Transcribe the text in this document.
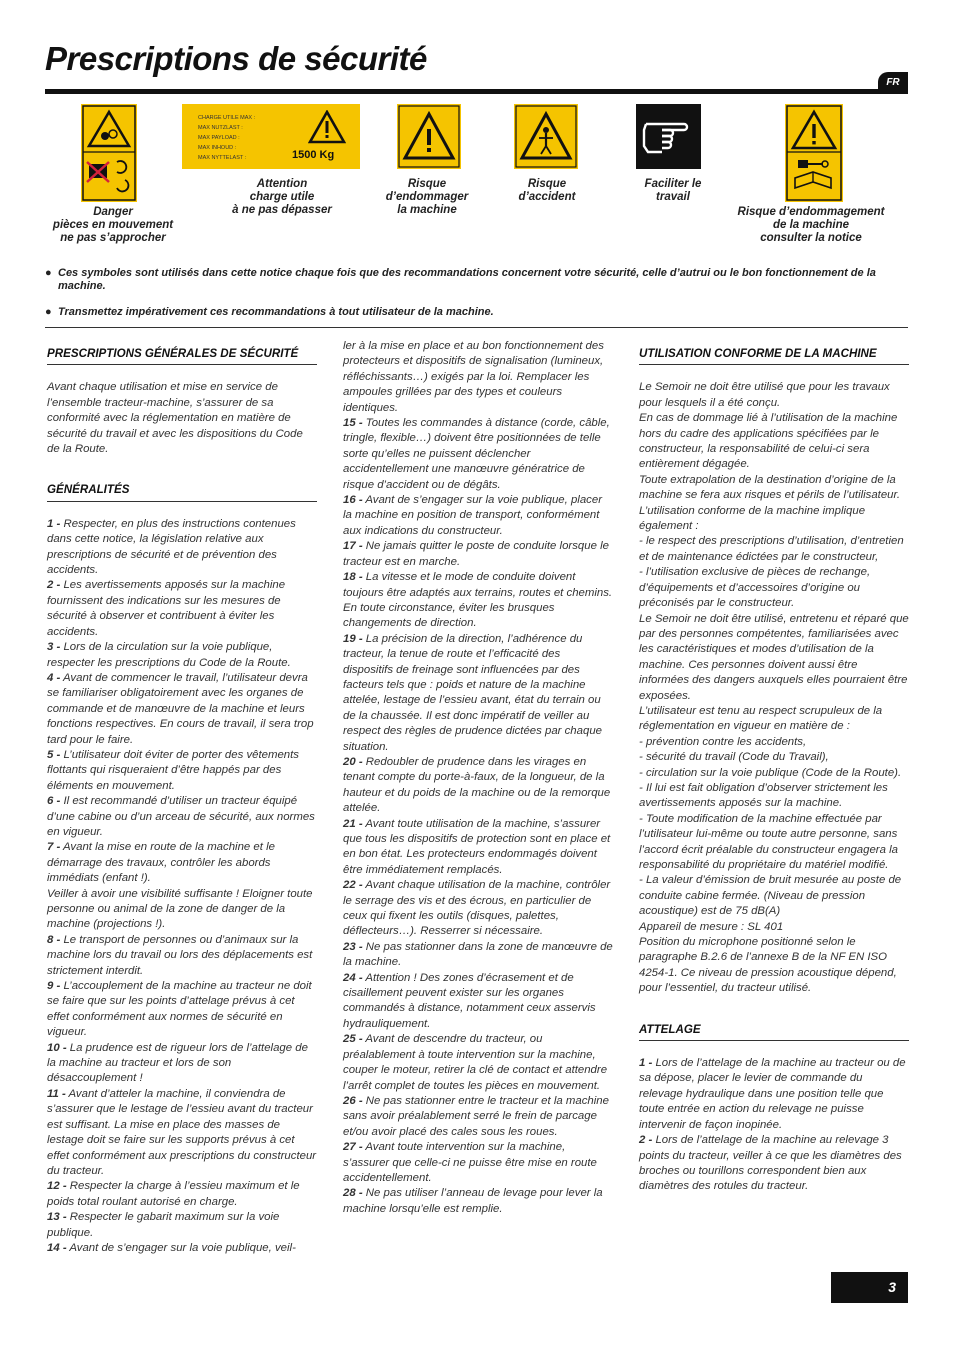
Prescriptions de sécurité
FR
Danger
pièces en mouvement
ne pas s’approcher
CHARGE UTILE MAX :
MAX NUTZLAST :
MAX PAYLOAD :
MAX INHOUD :
MAX NYTTELAST :	1500 Kg
Attention
charge utile
à ne pas dépasser
Risque
d’endommager
la machine
Risque
d’accident
Faciliter le
travail
Risque d’endommagement
de la machine
consulter la notice
● Ces symboles sont utilisés dans cette notice chaque fois que des recommandations concernent votre sécurité, celle d’autrui ou le bon fonctionnement de la machine.
● Transmettez impérativement ces recommandations à tout utilisateur de la machine.
PRESCRIPTIONS GÉNÉRALES DE SÉCURITÉ

Avant chaque utilisation et mise en service de l’ensemble tracteur-machine, s’assurer de sa conformité avec la réglementation en matière de sécurité du travail et avec les dispositions du Code de la Route.

GÉNÉRALITÉS

1 - Respecter, en plus des instructions contenues dans cette notice, la législation relative aux prescriptions de sécurité et de prévention des accidents.

2 - Les avertissements apposés sur la machine fournissent des indications sur les mesures de sécurité à observer et contribuent à éviter les accidents.

3 - Lors de la circulation sur la voie publique, respecter les prescriptions du Code de la Route.

4 - Avant de commencer le travail, l’utilisateur devra se familiariser obligatoirement avec les organes de commande et de manœuvre de la machine et leurs fonctions respectives. En cours de travail, il sera trop tard pour le faire.

5 - L’utilisateur doit éviter de porter des vêtements flottants qui risqueraient d’être happés par des éléments en mouvement.

6 - Il est recommandé d’utiliser un tracteur équipé d’une cabine ou d’un arceau de sécurité, aux normes en vigueur.

7 - Avant la mise en route de la machine et le démarrage des travaux, contrôler les abords immédiats (enfant !).
Veiller à avoir une visibilité suffisante ! Eloigner toute personne ou animal de la zone de danger de la machine (projections !).

8 - Le transport de personnes ou d’animaux sur la machine lors du travail ou lors des déplacements est strictement interdit.

9 - L’accouplement de la machine au tracteur ne doit se faire que sur les points d’attelage prévus à cet effet conformément aux normes de sécurité en vigueur.

10 - La prudence est de rigueur lors de l’attelage de la machine au tracteur et lors de son désaccouplement !

11 - Avant d’atteler la machine, il conviendra de s’assurer que le lestage de l’essieu avant du tracteur est suffisant. La mise en place des masses de lestage doit se faire sur les supports prévus à cet effet conformément aux prescriptions du constructeur du tracteur.

12 - Respecter la charge à l’essieu maximum et le poids total roulant autorisé en charge.

13 - Respecter le gabarit maximum sur la voie publique.

14 - Avant de s’engager sur la voie publique, veil-

ler à la mise en place et au bon fonctionnement des protecteurs et dispositifs de signalisation (lumineux, réfléchissants…) exigés par la loi. Remplacer les ampoules grillées par des types et couleurs identiques.

15 - Toutes les commandes à distance (corde, câble, tringle, flexible…) doivent être positionnées de telle sorte qu’elles ne puissent déclencher accidentellement une manœuvre génératrice de risque d’accident ou de dégâts.

16 - Avant de s’engager sur la voie publique, placer la machine en position de transport, conformément aux indications du constructeur.

17 - Ne jamais quitter le poste de conduite lorsque le tracteur est en marche.

18 - La vitesse et le mode de conduite doivent toujours être adaptés aux terrains, routes et chemins. En toute circonstance, éviter les brusques changements de direction.

19 - La précision de la direction, l’adhérence du tracteur, la tenue de route et l’efficacité des dispositifs de freinage sont influencées par des facteurs tels que : poids et nature de la machine attelée, lestage de l’essieu avant, état du terrain ou de la chaussée. Il est donc impératif de veiller au respect des règles de prudence dictées par chaque situation.

20 - Redoubler de prudence dans les virages en tenant compte du porte-à-faux, de la longueur, de la hauteur et du poids de la machine ou de la remorque attelée.

21 - Avant toute utilisation de la machine, s’assurer que tous les dispositifs de protection sont en place et en bon état. Les protecteurs endommagés doivent être immédiatement remplacés.

22 - Avant chaque utilisation de la machine, contrôler le serrage des vis et des écrous, en particulier de ceux qui fixent les outils (disques, palettes, déflecteurs…). Resserrer si nécessaire.

23 - Ne pas stationner dans la zone de manœuvre de la machine.

24 - Attention ! Des zones d’écrasement et de cisaillement peuvent exister sur les organes commandés à distance, notamment ceux asservis hydrauliquement.

25 - Avant de descendre du tracteur, ou préalablement à toute intervention sur la machine, couper le moteur, retirer la clé de contact et attendre l’arrêt complet de toutes les pièces en mouvement.

26 - Ne pas stationner entre le tracteur et la machine sans avoir préalablement serré le frein de parcage et/ou avoir placé des cales sous les roues.

27 - Avant toute intervention sur la machine, s’assurer que celle-ci ne puisse être mise en route accidentellement.

28 - Ne pas utiliser l’anneau de levage pour lever la machine lorsqu’elle est remplie.

UTILISATION CONFORME DE LA MACHINE

Le Semoir ne doit être utilisé que pour les travaux pour lesquels il a été conçu.
En cas de dommage lié à l’utilisation de la machine hors du cadre des applications spécifiées par le constructeur, la responsabilité de celui-ci sera entièrement dégagée.
Toute extrapolation de la destination d’origine de la machine se fera aux risques et périls de l’utilisateur.
L’utilisation conforme de la machine implique également :
- le respect des prescriptions d’utilisation, d’entretien et de maintenance édictées par le constructeur,
- l’utilisation exclusive de pièces de rechange, d’équipements et d’accessoires d’origine ou préconisés par le constructeur.
Le Semoir ne doit être utilisé, entretenu et réparé que par des personnes compétentes, familiarisées avec les caractéristiques et modes d’utilisation de la machine. Ces personnes doivent aussi être informées des dangers auxquels elles pourraient être exposées.
L’utilisateur est tenu au respect scrupuleux de la réglementation en vigueur en matière de :
- prévention contre les accidents,
- sécurité du travail (Code du Travail),
- circulation sur la voie publique (Code de la Route).
- Il lui est fait obligation d’observer strictement les avertissements apposés sur la machine.
- Toute modification de la machine effectuée par l’utilisateur lui-même ou toute autre personne, sans l’accord écrit préalable du constructeur engagera la responsabilité du propriétaire du matériel modifié.
- La valeur d’émission de bruit mesurée au poste de conduite cabine fermée. (Niveau de pression acoustique) est de 75 dB(A)
Appareil de mesure : SL 401
Position du microphone positionné selon le paragraphe B.2.6 de l’annexe B de la NF EN ISO 4254-1. Ce niveau de pression acoustique dépend, pour l’essentiel, du tracteur utilisé.

ATTELAGE

1 - Lors de l’attelage de la machine au tracteur ou de sa dépose, placer le levier de commande du relevage hydraulique dans une position telle que toute entrée en action du relevage ne puisse intervenir de façon inopinée.

2 - Lors de l’attelage de la machine au relevage 3 points du tracteur, veiller à ce que les diamètres des broches ou tourillons correspondent bien aux diamètres des rotules du tracteur.

3
